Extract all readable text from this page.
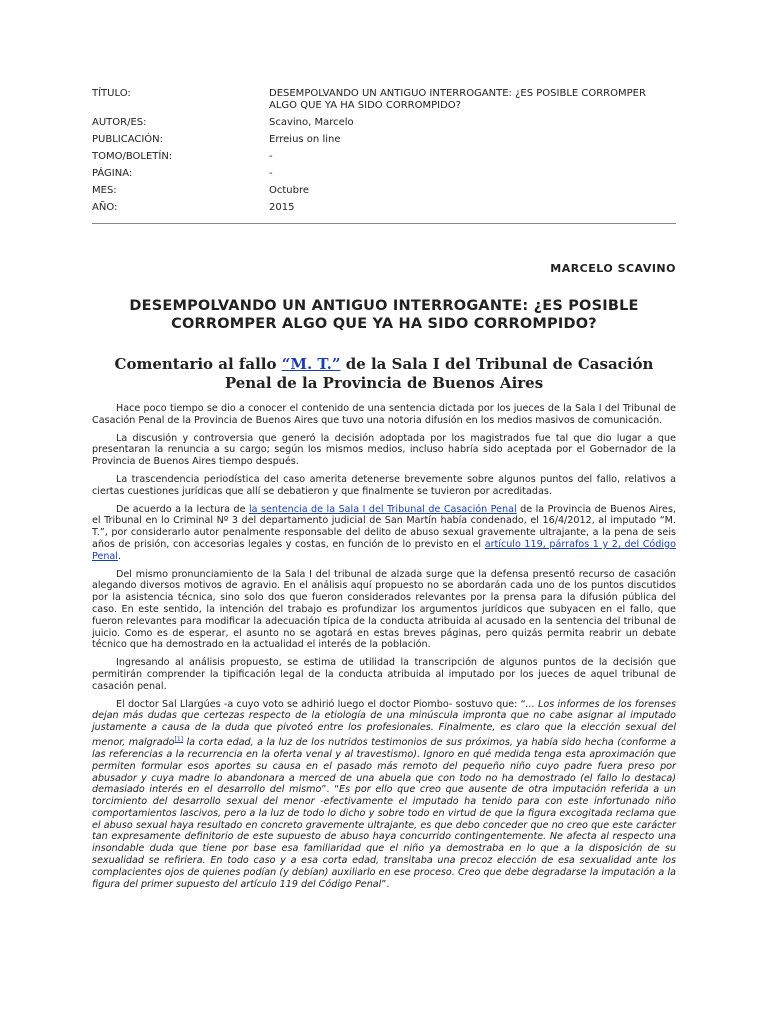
TÍTULO:	DESEMPOLVANDO UN ANTIGUO INTERROGANTE: ¿ES POSIBLE CORROMPER ALGO QUE YA HA SIDO CORROMPIDO?
AUTOR/ES:	Scavino, Marcelo
PUBLICACIÓN:	Erreius on line
TOMO/BOLETÍN:	-
PÁGINA:	-
MES:	Octubre
AÑO:	2015
MARCELO SCAVINO
DESEMPOLVANDO UN ANTIGUO INTERROGANTE: ¿ES POSIBLE CORROMPER ALGO QUE YA HA SIDO CORROMPIDO?
Comentario al fallo “M. T.” de la Sala I del Tribunal de Casación Penal de la Provincia de Buenos Aires

Hace poco tiempo se dio a conocer el contenido de una sentencia dictada por los jueces de la Sala I del Tribunal de Casación Penal de la Provincia de Buenos Aires que tuvo una notoria difusión en los medios masivos de comunicación.

La discusión y controversia que generó la decisión adoptada por los magistrados fue tal que dio lugar a que presentaran la renuncia a su cargo; según los mismos medios, incluso habría sido aceptada por el Gobernador de la Provincia de Buenos Aires tiempo después.

La trascendencia periodística del caso amerita detenerse brevemente sobre algunos puntos del fallo, relativos a ciertas cuestiones jurídicas que allí se debatieron y que finalmente se tuvieron por acreditadas.

De acuerdo a la lectura de la sentencia de la Sala I del Tribunal de Casación Penal de la Provincia de Buenos Aires, el Tribunal en lo Criminal Nº 3 del departamento judicial de San Martín había condenado, el 16/4/2012, al imputado “M. T.”, por considerarlo autor penalmente responsable del delito de abuso sexual gravemente ultrajante, a la pena de seis años de prisión, con accesorias legales y costas, en función de lo previsto en el artículo 119, párrafos 1 y 2, del Código Penal.

Del mismo pronunciamiento de la Sala I del tribunal de alzada surge que la defensa presentó recurso de casación alegando diversos motivos de agravio. En el análisis aquí propuesto no se abordarán cada uno de los puntos discutidos por la asistencia técnica, sino solo dos que fueron considerados relevantes por la prensa para la difusión pública del caso. En este sentido, la intención del trabajo es profundizar los argumentos jurídicos que subyacen en el fallo, que fueron relevantes para modificar la adecuación típica de la conducta atribuida al acusado en la sentencia del tribunal de juicio. Como es de esperar, el asunto no se agotará en estas breves páginas, pero quizás permita reabrir un debate técnico que ha demostrado en la actualidad el interés de la población.

Ingresando al análisis propuesto, se estima de utilidad la transcripción de algunos puntos de la decisión que permitirán comprender la tipificación legal de la conducta atribuida al imputado por los jueces de aquel tribunal de casación penal.

El doctor Sal Llargúes -a cuyo voto se adhirió luego el doctor Piombo- sostuvo que: “... Los informes de los forenses dejan más dudas que certezas respecto de la etiología de una minúscula impronta que no cabe asignar al imputado justamente a causa de la duda que pivoteó entre los profesionales. Finalmente, es claro que la elección sexual del menor, malgrado[1] la corta edad, a la luz de los nutridos testimonios de sus próximos, ya había sido hecha (conforme a las referencias a la recurrencia en la oferta venal y al travestismo). Ignoro en qué medida tenga esta aproximación que permiten formular esos aportes su causa en el pasado más remoto del pequeño niño cuyo padre fuera preso por abusador y cuya madre lo abandonara a merced de una abuela que con todo no ha demostrado (el fallo lo destaca) demasiado interés en el desarrollo del mismo”. “Es por ello que creo que ausente de otra imputación referida a un torcimiento del desarrollo sexual del menor -efectivamente el imputado ha tenido para con este infortunado niño comportamientos lascivos, pero a la luz de todo lo dicho y sobre todo en virtud de que la figura excogitada reclama que el abuso sexual haya resultado en concreto gravemente ultrajante, es que debo conceder que no creo que este carácter tan expresamente definitorio de este supuesto de abuso haya concurrido contingentemente. Ne afecta al respecto una insondable duda que tiene por base esa familiaridad que el niño ya demostraba en lo que a la disposición de su sexualidad se refiriera. En todo caso y a esa corta edad, transitaba una precoz elección de esa sexualidad ante los complacientes ojos de quienes podían (y debían) auxiliarlo en ese proceso. Creo que debe degradarse la imputación a la figura del primer supuesto del artículo 119 del Código Penal”.
